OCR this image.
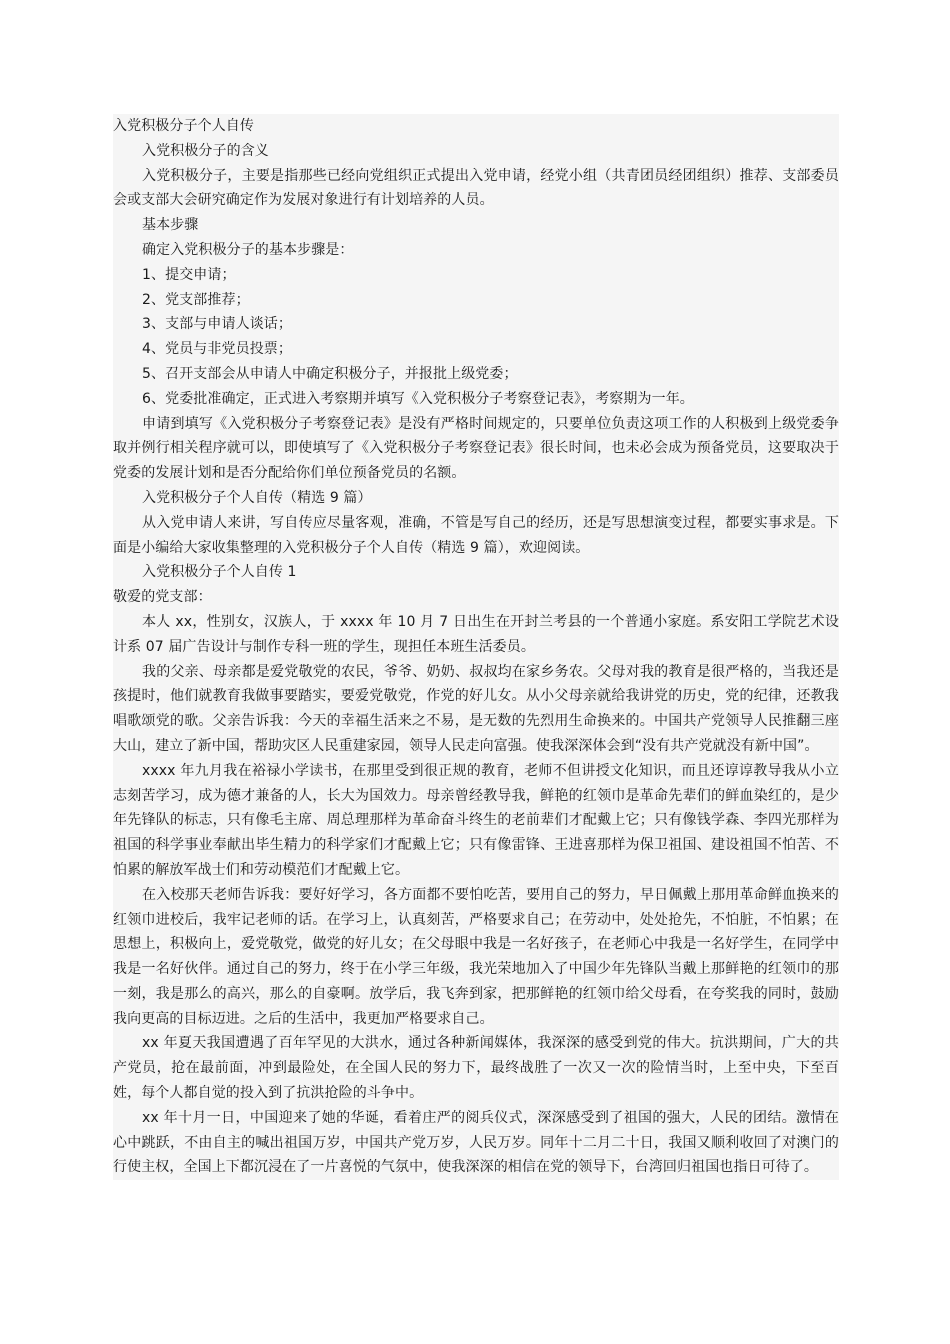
入党积极分子个人自传

入党积极分子的含义

入党积极分子，主要是指那些已经向党组织正式提出入党申请，经党小组（共青团员经团组织）推荐、支部委员会或支部大会研究确定作为发展对象进行有计划培养的人员。

基本步骤

确定入党积极分子的基本步骤是：

1、提交申请；

2、党支部推荐；

3、支部与申请人谈话；

4、党员与非党员投票；

5、召开支部会从申请人中确定积极分子，并报批上级党委；

6、党委批准确定，正式进入考察期并填写《入党积极分子考察登记表》，考察期为一年。

申请到填写《入党积极分子考察登记表》是没有严格时间规定的，只要单位负责这项工作的人积极到上级党委争取并例行相关程序就可以，即使填写了《入党积极分子考察登记表》很长时间，也未必会成为预备党员，这要取决于党委的发展计划和是否分配给你们单位预备党员的名额。

入党积极分子个人自传（精选 9 篇）

从入党申请人来讲，写自传应尽量客观，准确，不管是写自己的经历，还是写思想演变过程，都要实事求是。下面是小编给大家收集整理的入党积极分子个人自传（精选 9 篇），欢迎阅读。

入党积极分子个人自传 1

敬爱的党支部：

本人 xx，性别女，汉族人，于 xxxx 年 10 月 7 日出生在开封兰考县的一个普通小家庭。系安阳工学院艺术设计系 07 届广告设计与制作专科一班的学生，现担任本班生活委员。

我的父亲、母亲都是爱党敬党的农民，爷爷、奶奶、叔叔均在家乡务农。父母对我的教育是很严格的，当我还是孩提时，他们就教育我做事要踏实，要爱党敬党，作党的好儿女。从小父母亲就给我讲党的历史，党的纪律，还教我唱歌颂党的歌。父亲告诉我：今天的幸福生活来之不易，是无数的先烈用生命换来的。中国共产党领导人民推翻三座大山，建立了新中国，帮助灾区人民重建家园，领导人民走向富强。使我深深体会到“没有共产党就没有新中国”。

xxxx 年九月我在裕禄小学读书，在那里受到很正规的教育，老师不但讲授文化知识，而且还谆谆教导我从小立志刻苦学习，成为德才兼备的人，长大为国效力。母亲曾经教导我，鲜艳的红领巾是革命先辈们的鲜血染红的，是少年先锋队的标志，只有像毛主席、周总理那样为革命奋斗终生的老前辈们才配戴上它；只有像钱学森、李四光那样为祖国的科学事业奉献出毕生精力的科学家们才配戴上它；只有像雷锋、王进喜那样为保卫祖国、建设祖国不怕苦、不怕累的解放军战士们和劳动模范们才配戴上它。

在入校那天老师告诉我：要好好学习，各方面都不要怕吃苦，要用自己的努力，早日佩戴上那用革命鲜血换来的红领巾进校后，我牢记老师的话。在学习上，认真刻苦，严格要求自己；在劳动中，处处抢先，不怕脏，不怕累；在思想上，积极向上，爱党敬党，做党的好儿女；在父母眼中我是一名好孩子，在老师心中我是一名好学生，在同学中我是一名好伙伴。通过自己的努力，终于在小学三年级，我光荣地加入了中国少年先锋队当戴上那鲜艳的红领巾的那一刻，我是那么的高兴，那么的自豪啊。放学后，我飞奔到家，把那鲜艳的红领巾给父母看，在夸奖我的同时，鼓励我向更高的目标迈进。之后的生活中，我更加严格要求自己。

xx 年夏天我国遭遇了百年罕见的大洪水，通过各种新闻媒体，我深深的感受到党的伟大。抗洪期间，广大的共产党员，抢在最前面，冲到最险处，在全国人民的努力下，最终战胜了一次又一次的险情当时，上至中央，下至百姓，每个人都自觉的投入到了抗洪抢险的斗争中。

xx 年十月一日，中国迎来了她的华诞，看着庄严的阅兵仪式，深深感受到了祖国的强大，人民的团结。激情在心中跳跃，不由自主的喊出祖国万岁，中国共产党万岁，人民万岁。同年十二月二十日，我国又顺利收回了对澳门的行使主权，全国上下都沉浸在了一片喜悦的气氛中，使我深深的相信在党的领导下，台湾回归祖国也指日可待了。
